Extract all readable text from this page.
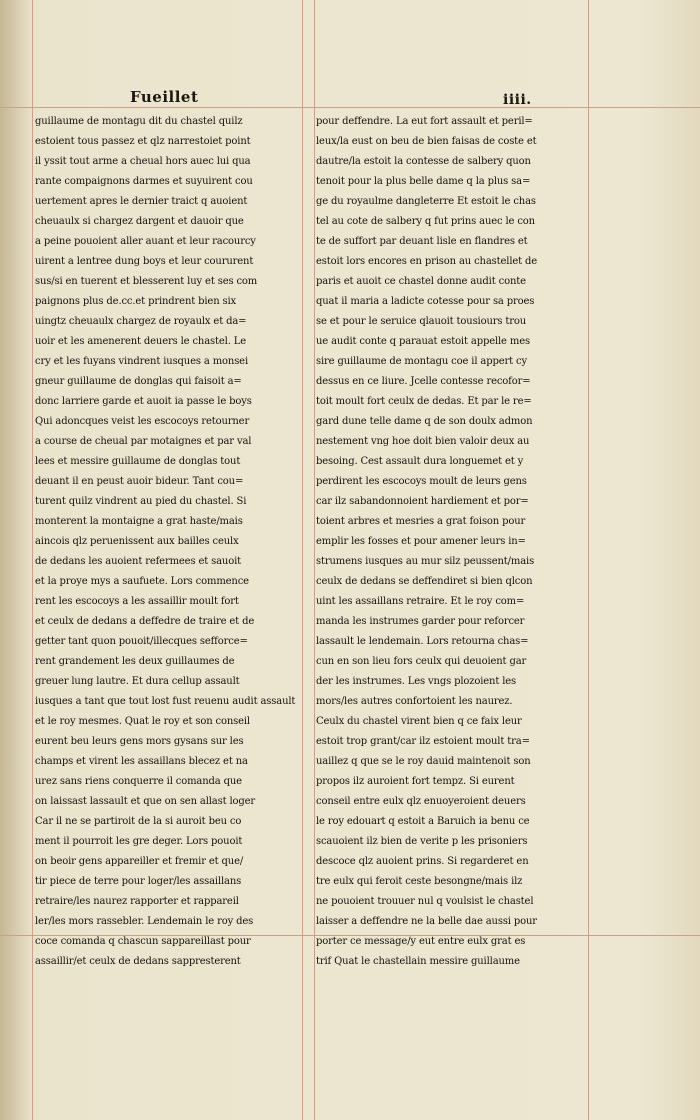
Fueillet	iiii.
guillaume de montagu dit du chastel quilz
estoient tous passez et qlz narrestoiet point
il yssit tout arme a cheual hors auec lui qua
rante compaignons darmes et suyuirent cou
uertement apres le dernier traict q auoient
cheuaulx si chargez dargent et dauoir que
a peine pouoient aller auant et leur racourcy
uirent a lentree dung boys et leur coururent
sus/si en tuerent et blesserent luy et ses com
paignons plus de.cc.et prindrent bien six
uingtz cheuaulx chargez de royaulx et da=
uoir et les amenerent deuers le chastel. Le
cry et les fuyans vindrent iusques a monsei
gneur guillaume de donglas qui faisoit a=
donc larriere garde et auoit ia passe le boys
Qui adoncques veist les escocoys retourner
a course de cheual par motaignes et par val
lees et messire guillaume de donglas tout
deuant il en peust auoir bideur. Tant cou=
turent quilz vindrent au pied du chastel. Si
monterent la montaigne a grat haste/mais
aincois qlz peruenissent aux bailles ceulx
de dedans les auoient refermees et sauoit
et la proye mys a saufuete. Lors commence
rent les escocoys a les assaillir moult fort
et ceulx de dedans a deffedre de traire et de
getter tant quon pouoit/illecques sefforce=
rent grandement les deux guillaumes de
greuer lung lautre. Et dura cellup assault
iusques a tant que tout lost fust reuenu audit assault
et le roy mesmes. Quat le roy et son conseil
eurent beu leurs gens mors gysans sur les
champs et virent les assaillans blecez et na
urez sans riens conquerre il comanda que
on laissast lassault et que on sen allast loger
Car il ne se partiroit de la si auroit beu co
ment il pourroit les gre deger. Lors pouoit
on beoir gens appareiller et fremir et que/
tir piece de terre pour loger/les assaillans
retraire/les naurez rapporter et rappareil
ler/les mors rassebler. Lendemain le roy des
coce comanda q chascun sappareillast pour
assaillir/et ceulx de dedans sappresterent
pour deffendre. La eut fort assault et peril=
leux/la eust on beu de bien faisas de coste et
dautre/la estoit la contesse de salbery quon
tenoit pour la plus belle dame q la plus sa=
ge du royaulme dangleterre Et estoit le chas
tel au cote de salbery q fut prins auec le con
te de suffort par deuant lisle en flandres et
estoit lors encores en prison au chastellet de
paris et auoit ce chastel donne audit conte
quat il maria a ladicte cotesse pour sa proes
se et pour le seruice qlauoit tousiours trou
ue audit conte q parauat estoit appelle mes
sire guillaume de montagu coe il appert cy
dessus en ce liure. Jcelle contesse recofor=
toit moult fort ceulx de dedas. Et par le re=
gard dune telle dame q de son doulx admon
nestement vng hoe doit bien valoir deux au
besoing. Cest assault dura longuemet et y
perdirent les escocoys moult de leurs gens
car ilz sabandonnoient hardiement et por=
toient arbres et mesries a grat foison pour
emplir les fosses et pour amener leurs in=
strumens iusques au mur silz peussent/mais
ceulx de dedans se deffendiret si bien qlcon
uint les assaillans retraire. Et le roy com=
manda les instrumes garder pour reforcer
lassault le lendemain. Lors retourna chas=
cun en son lieu fors ceulx qui deuoient gar
der les instrumes. Les vngs plozoient les
mors/les autres confortoient les naurez.
Ceulx du chastel virent bien q ce faix leur
estoit trop grant/car ilz estoient moult tra=
uaillez q que se le roy dauid maintenoit son
propos ilz auroient fort tempz. Si eurent
conseil entre eulx qlz enuoyeroient deuers
le roy edouart q estoit a Baruich ia benu ce
scauoient ilz bien de verite p les prisoniers
descoce qlz auoient prins. Si regarderet en
tre eulx qui feroit ceste besongne/mais ilz
ne pouoient trouuer nul q voulsist le chastel
laisser a deffendre ne la belle dae aussi pour
porter ce message/y eut entre eulx grat es
trif Quat le chastellain messire guillaume
